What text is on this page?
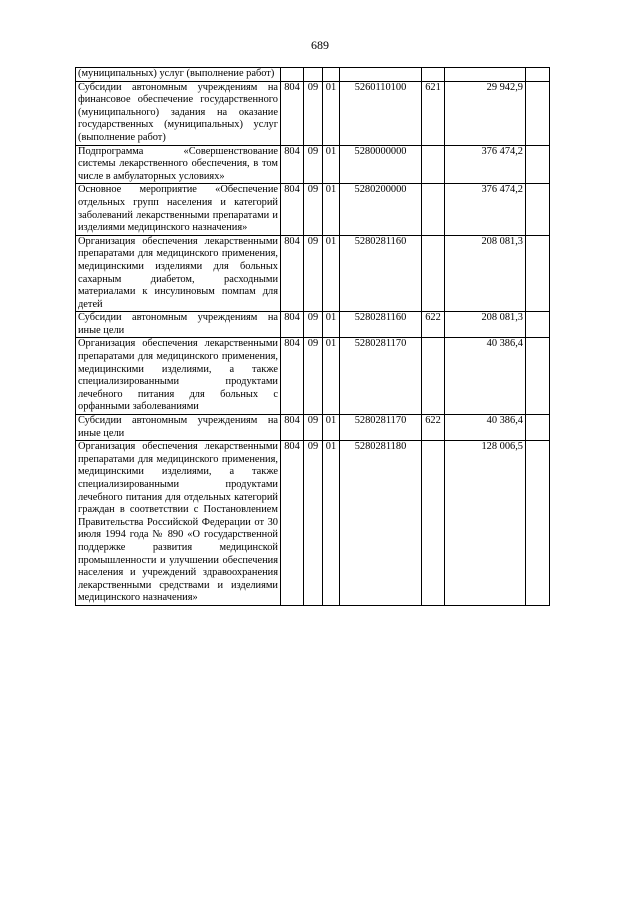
689
(муниципальных) услуг (выполнение работ)							
Субсидии автономным учреждениям на финансовое обеспечение государственного (муниципального) задания на оказание государственных (муниципальных) услуг (выполнение работ)	804	09	01	5260110100	621	29 942,9	
Подпрограмма «Совершенствование системы лекарственного обеспечения, в том числе в амбулаторных условиях»	804	09	01	5280000000		376 474,2	
Основное мероприятие «Обеспечение отдельных групп населения и категорий заболеваний лекарственными препаратами и изделиями медицинского назначения»	804	09	01	5280200000		376 474,2	
Организация обеспечения лекарственными препаратами для медицинского применения, медицинскими изделиями для больных сахарным диабетом, расходными материалами к инсулиновым помпам для детей	804	09	01	5280281160		208 081,3	
Субсидии автономным учреждениям на иные цели	804	09	01	5280281160	622	208 081,3	
Организация обеспечения лекарственными препаратами для медицинского применения, медицинскими изделиями, а также специализированными продуктами лечебного питания для больных с орфанными заболеваниями	804	09	01	5280281170		40 386,4	
Субсидии автономным учреждениям на иные цели	804	09	01	5280281170	622	40 386,4	
Организация обеспечения лекарственными препаратами для медицинского применения, медицинскими изделиями, а также специализированными продуктами лечебного питания для отдельных категорий граждан в соответствии с Постановлением Правительства Российской Федерации от 30 июля 1994 года № 890 «О государственной поддержке развития медицинской промышленности и улучшении обеспечения населения и учреждений здравоохранения лекарственными средствами и изделиями медицинского назначения»	804	09	01	5280281180		128 006,5	
